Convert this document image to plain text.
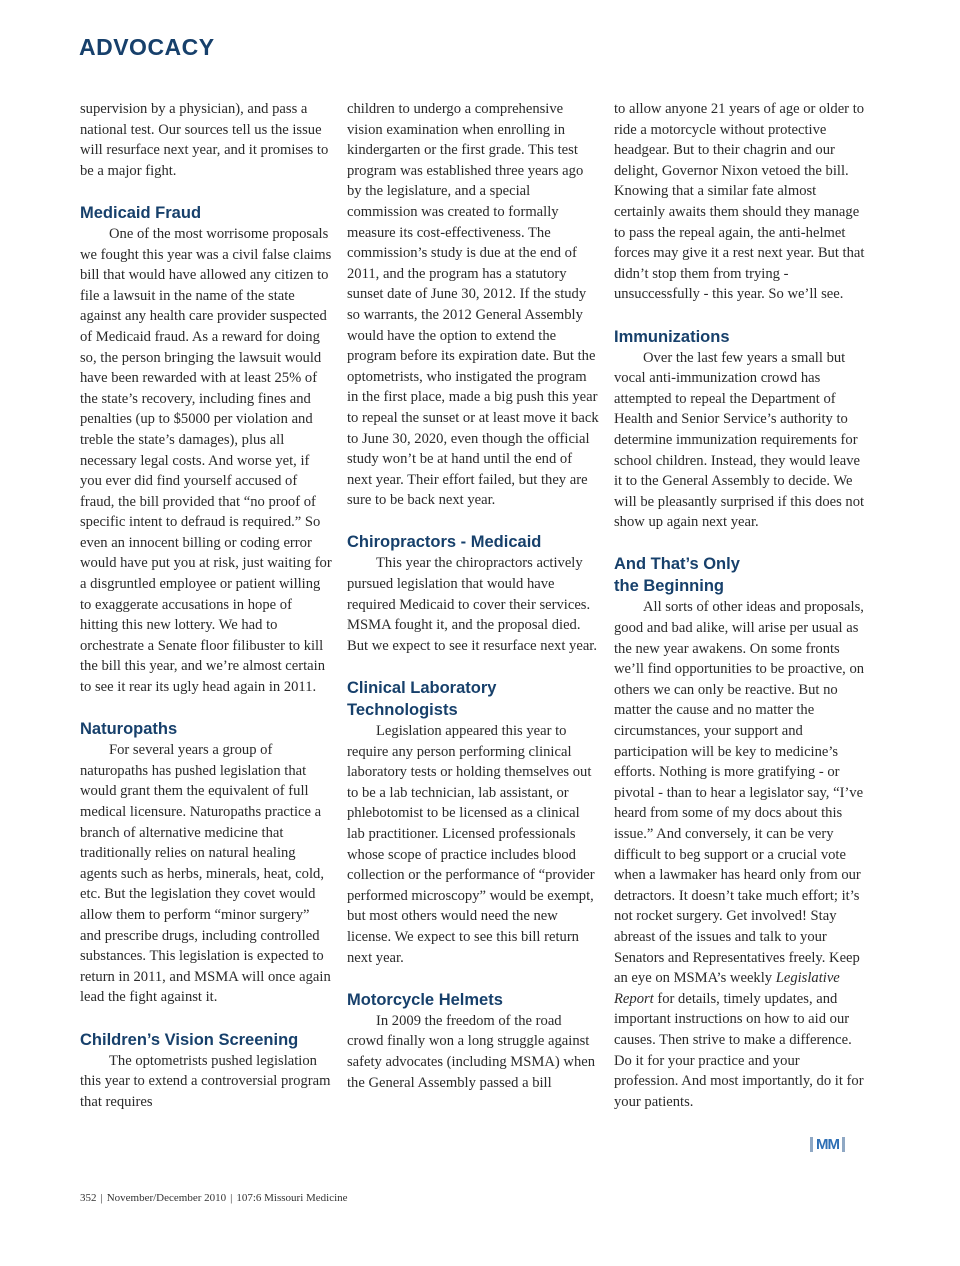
ADVOCACY

supervision by a physician), and pass a national test. Our sources tell us the issue will resurface next year, and it promises to be a major fight.

Medicaid Fraud

One of the most worrisome proposals we fought this year was a civil false claims bill that would have allowed any citizen to file a lawsuit in the name of the state against any health care provider suspected of Medicaid fraud. As a reward for doing so, the person bringing the lawsuit would have been rewarded with at least 25% of the state’s recovery, including fines and penalties (up to $5000 per violation and treble the state’s damages), plus all necessary legal costs. And worse yet, if you ever did find yourself accused of fraud, the bill provided that “no proof of specific intent to defraud is required.” So even an innocent billing or coding error would have put you at risk, just waiting for a disgruntled employee or patient willing to exaggerate accusations in hope of hitting this new lottery. We had to orchestrate a Senate floor filibuster to kill the bill this year, and we’re almost certain to see it rear its ugly head again in 2011.

Naturopaths

For several years a group of naturopaths has pushed legislation that would grant them the equivalent of full medical licensure. Naturopaths practice a branch of alternative medicine that traditionally relies on natural healing agents such as herbs, minerals, heat, cold, etc. But the legislation they covet would allow them to perform “minor surgery” and prescribe drugs, including controlled substances. This legislation is expected to return in 2011, and MSMA will once again lead the fight against it.

Children’s Vision Screening

The optometrists pushed legislation this year to extend a controversial program that requires

children to undergo a comprehensive vision examination when enrolling in kindergarten or the first grade. This test program was established three years ago by the legislature, and a special commission was created to formally measure its cost-effectiveness. The commission’s study is due at the end of 2011, and the program has a statutory sunset date of June 30, 2012. If the study so warrants, the 2012 General Assembly would have the option to extend the program before its expiration date. But the optometrists, who instigated the program in the first place, made a big push this year to repeal the sunset or at least move it back to June 30, 2020, even though the official study won’t be at hand until the end of next year. Their effort failed, but they are sure to be back next year.

Chiropractors - Medicaid

This year the chiropractors actively pursued legislation that would have required Medicaid to cover their services. MSMA fought it, and the proposal died. But we expect to see it resurface next year.

Clinical Laboratory
Technologists

Legislation appeared this year to require any person performing clinical laboratory tests or holding themselves out to be a lab technician, lab assistant, or phlebotomist to be licensed as a clinical lab practitioner. Licensed professionals whose scope of practice includes blood collection or the performance of “provider performed microscopy” would be exempt, but most others would need the new license. We expect to see this bill return next year.

Motorcycle Helmets

In 2009 the freedom of the road crowd finally won a long struggle against safety advocates (including MSMA) when the General Assembly passed a bill

to allow anyone 21 years of age or older to ride a motorcycle without protective headgear. But to their chagrin and our delight, Governor Nixon vetoed the bill. Knowing that a similar fate almost certainly awaits them should they manage to pass the repeal again, the anti-helmet forces may give it a rest next year. But that didn’t stop them from trying - unsuccessfully - this year. So we’ll see.

Immunizations

Over the last few years a small but vocal anti-immunization crowd has attempted to repeal the Department of Health and Senior Service’s authority to determine immunization requirements for school children. Instead, they would leave it to the General Assembly to decide. We will be pleasantly surprised if this does not show up again next year.

And That’s Only
the Beginning

All sorts of other ideas and proposals, good and bad alike, will arise per usual as the new year awakens. On some fronts we’ll find opportunities to be proactive, on others we can only be reactive. But no matter the cause and no matter the circumstances, your support and participation will be key to medicine’s efforts. Nothing is more gratifying - or pivotal - than to hear a legislator say, “I’ve heard from some of my docs about this issue.” And conversely, it can be very difficult to beg support or a crucial vote when a lawmaker has heard only from our detractors. It doesn’t take much effort; it’s not rocket surgery. Get involved! Stay abreast of the issues and talk to your Senators and Representatives freely. Keep an eye on MSMA’s weekly Legislative Report for details, timely updates, and important instructions on how to aid our causes. Then strive to make a difference. Do it for your practice and your profession. And most importantly, do it for your patients.

MM
352 | November/December 2010 | 107:6 Missouri Medicine
